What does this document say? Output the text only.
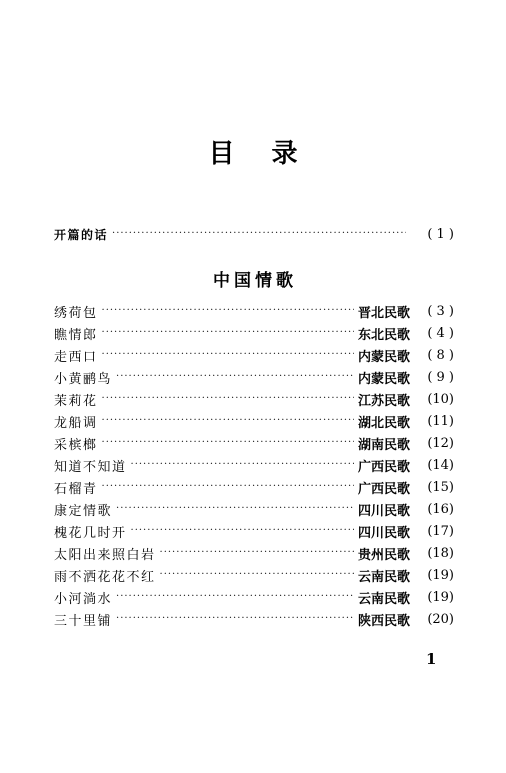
目 录
开篇的话 ·····	( 1 )
中国情歌
绣荷包 ·····	晋北民歌	( 3 )
瞧情郎 ·····	东北民歌	( 4 )
走西口 ·····	内蒙民歌	( 8 )
小黄鹂鸟 ·····	内蒙民歌	( 9 )
茉莉花 ·····	江苏民歌	(10)
龙船调 ·····	湖北民歌	(11)
采槟榔 ·····	湖南民歌	(12)
知道不知道 ·····	广西民歌	(14)
石榴青 ·····	广西民歌	(15)
康定情歌 ·····	四川民歌	(16)
槐花几时开 ·····	四川民歌	(17)
太阳出来照白岩 ·····	贵州民歌	(18)
雨不洒花花不红 ·····	云南民歌	(19)
小河淌水 ·····	云南民歌	(19)
三十里铺 ·····	陕西民歌	(20)
1
